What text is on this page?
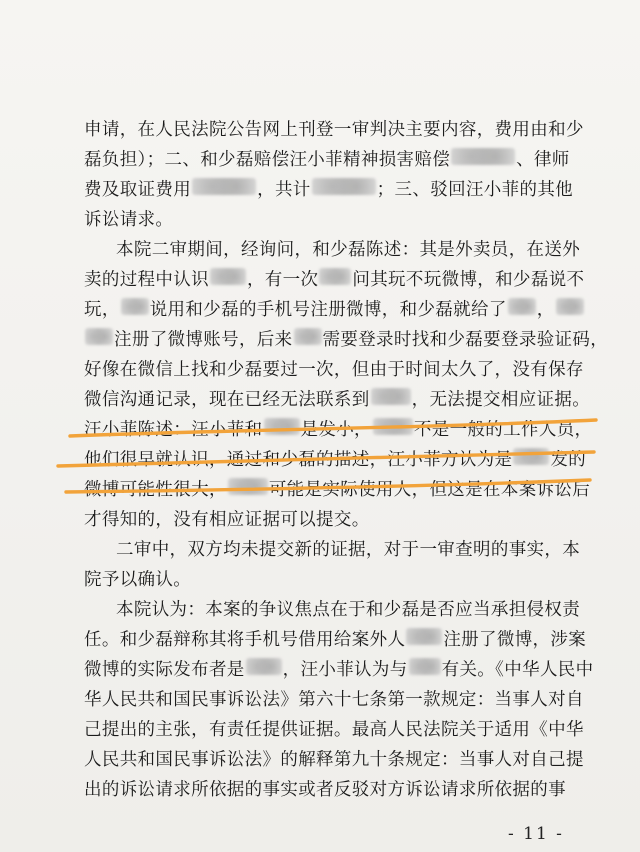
申请，在人民法院公告网上刊登一审判决主要内容，费用由和少
磊负担）；二、和少磊赔偿汪小菲精神损害赔偿	、律师
费及取证费用	，共计	；三、驳回汪小菲的其他
诉讼请求。
本院二审期间，经询问，和少磊陈述：其是外卖员，在送外
卖的过程中认识 ，有一次 问其玩不玩微博，和少磊说不
玩， 说用和少磊的手机号注册微博，和少磊就给了 ，
注册了微博账号，后来 需要登录时找和少磊要登录验证码，
好像在微信上找和少磊要过一次，但由于时间太久了，没有保存
微信沟通记录，现在已经无法联系到 ，无法提交相应证据。
汪小菲陈述：汪小菲和 是发小， 不是一般的工作人员，
他们很早就认识，通过和少磊的描述，汪小菲方认为是 发的
微博可能性很大， 可能是实际使用人，但这是在本案诉讼后
才得知的，没有相应证据可以提交。
二审中，双方均未提交新的证据，对于一审查明的事实，本
院予以确认。
本院认为：本案的争议焦点在于和少磊是否应当承担侵权责
任。和少磊辩称其将手机号借用给案外人 注册了微博，涉案
微博的实际发布者是 ，汪小菲认为与 有关。《中华人民中
华人民共和国民事诉讼法》第六十七条第一款规定：当事人对自
己提出的主张，有责任提供证据。最高人民法院关于适用《中华
人民共和国民事诉讼法》的解释第九十条规定：当事人对自己提
出的诉讼请求所依据的事实或者反驳对方诉讼请求所依据的事
- 11 -
